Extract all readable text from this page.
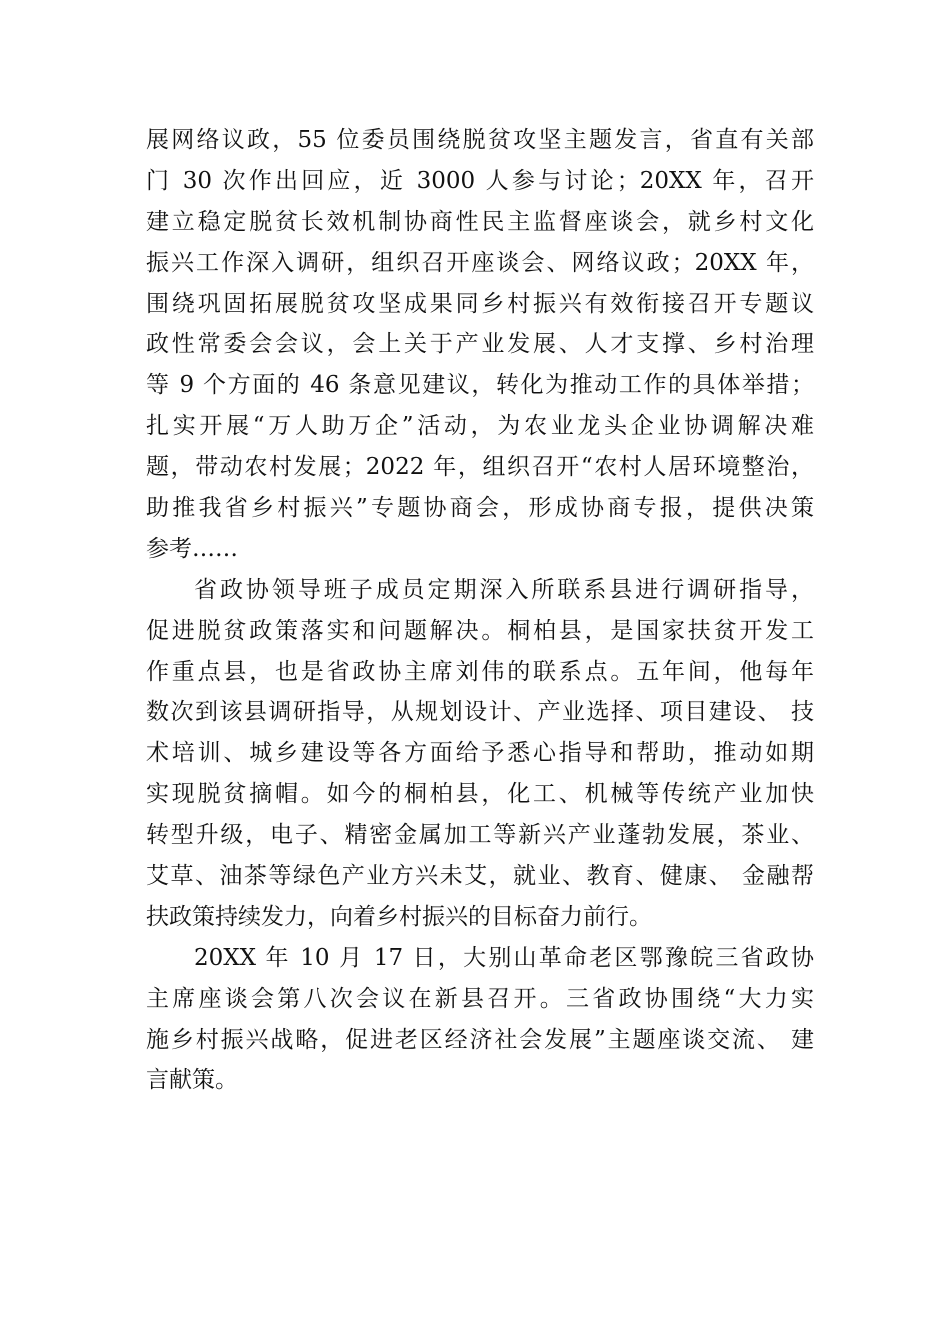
展网络议政，55 位委员围绕脱贫攻坚主题发言，省直有关部
门 30 次作出回应，近 3000 人参与讨论；20XX 年，召开
建立稳定脱贫长效机制协商性民主监督座谈会，就乡村文化
振兴工作深入调研，组织召开座谈会、网络议政；20XX 年，
围绕巩固拓展脱贫攻坚成果同乡村振兴有效衔接召开专题议
政性常委会会议，会上关于产业发展、人才支撑、乡村治理
等 9 个方面的 46 条意见建议，转化为推动工作的具体举措；
扎实开展“万人助万企”活动，为农业龙头企业协调解决难
题，带动农村发展；2022 年，组织召开“农村人居环境整治，
助推我省乡村振兴”专题协商会，形成协商专报，提供决策
参考……
省政协领导班子成员定期深入所联系县进行调研指导，
促进脱贫政策落实和问题解决。桐柏县，是国家扶贫开发工
作重点县，也是省政协主席刘伟的联系点。五年间，他每年
数次到该县调研指导，从规划设计、产业选择、项目建设、 技
术培训、城乡建设等各方面给予悉心指导和帮助，推动如期
实现脱贫摘帽。如今的桐柏县，化工、机械等传统产业加快
转型升级，电子、精密金属加工等新兴产业蓬勃发展，茶业、
艾草、油茶等绿色产业方兴未艾，就业、教育、健康、 金融帮
扶政策持续发力，向着乡村振兴的目标奋力前行。
20XX 年 10 月 17 日，大别山革命老区鄂豫皖三省政协
主席座谈会第八次会议在新县召开。三省政协围绕“大力实
施乡村振兴战略，促进老区经济社会发展”主题座谈交流、 建
言献策。
